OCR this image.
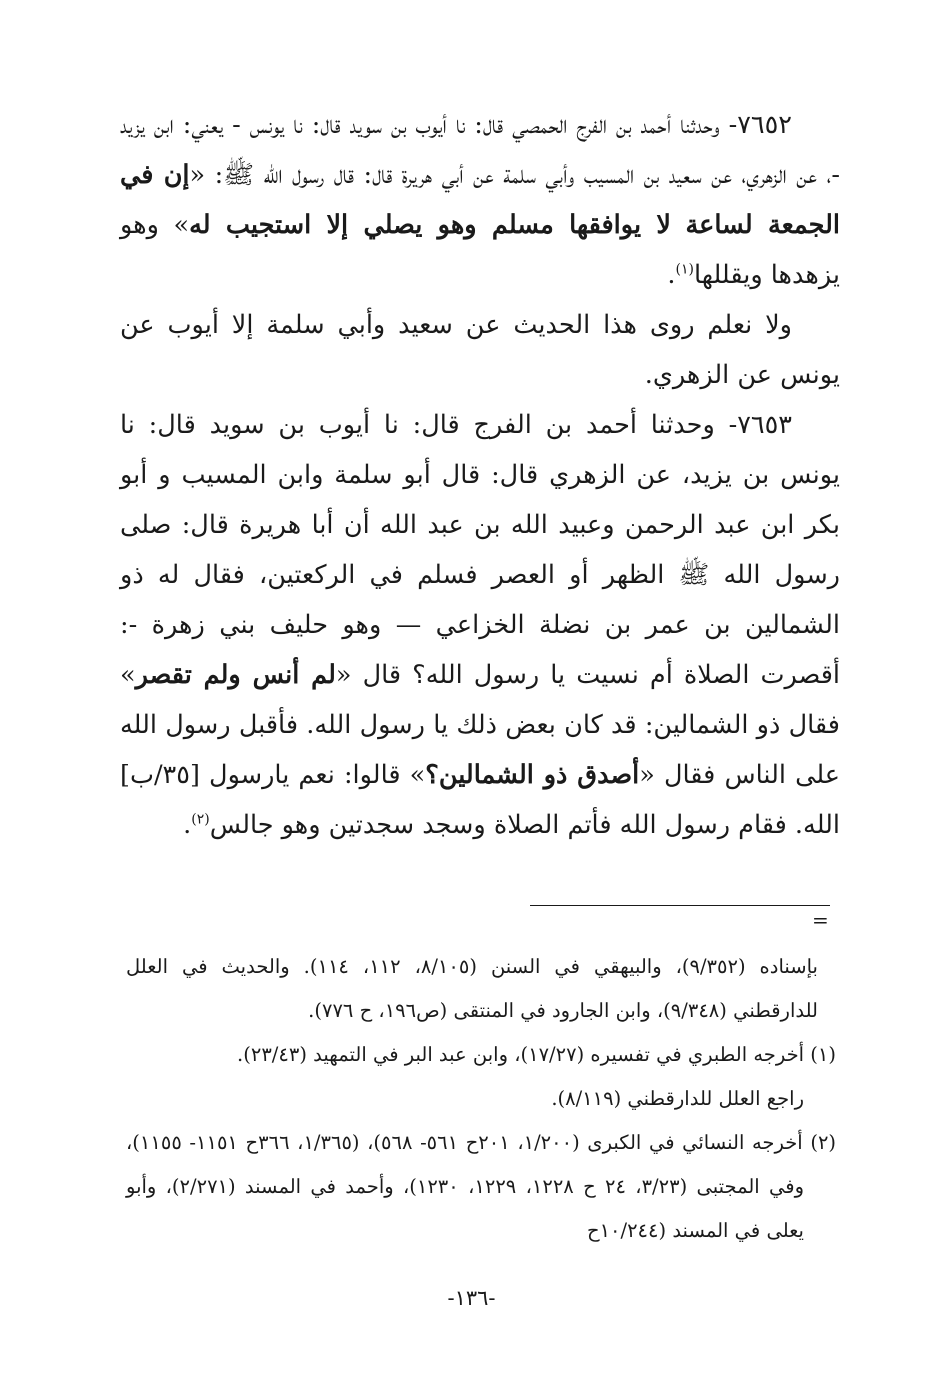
٧٦٥٢- وحدثنا أحمد بن الفرج الحمصي قال: نا أيوب بن سويد قال: نا يونس - يعني: ابن يزيد -، عن الزهري، عن سعيد بن المسيب وأبي سلمة عن أبي هريرة قال: قال رسول الله ﷺ: «إن في الجمعة لساعة لا يوافقها مسلم وهو يصلي إلا استجيب له» وهو يزهدها ويقللها$^{(١)}$.

ولا نعلم روى هذا الحديث عن سعيد وأبي سلمة إلا أيوب عن يونس عن الزهري.

٧٦٥٣- وحدثنا أحمد بن الفرج قال: نا أيوب بن سويد قال: نا يونس بن يزيد، عن الزهري قال: قال أبو سلمة وابن المسيب و أبو بكر ابن عبد الرحمن وعبيد الله بن عبد الله أن أبا هريرة قال: صلى رسول الله ﷺ الظهر أو العصر فسلم في الركعتين، فقال له ذو الشمالين بن عمر بن نضلة الخزاعي — وهو حليف بني زهرة -: أقصرت الصلاة أم نسيت يا رسول الله؟ قال «لم أنس ولم تقصر» فقال ذو الشمالين: قد كان بعض ذلك يا رسول الله. فأقبل رسول الله على الناس فقال «أصدق ذو الشمالين؟» قالوا: نعم يارسول [٣٥/ب] الله. فقام رسول الله فأتم الصلاة وسجد سجدتين وهو جالس$^{(٢)}$.

=

بإسناده (٩/٣٥٢)، والبيهقي في السنن (٨/١٠٥، ١١٢، ١١٤). والحديث في العلل للدارقطني (٩/٣٤٨)، وابن الجارود في المنتقى (ص١٩٦، ح ٧٧٦).

(١) أخرجه الطبري في تفسيره (١٧/٢٧)، وابن عبد البر في التمهيد (٢٣/٤٣).

راجع العلل للدارقطني (٨/١١٩).

(٢) أخرجه النسائي في الكبرى (١/٢٠٠، ٢٠١ح ٥٦١- ٥٦٨)، (١/٣٦٥، ٣٦٦ح ١١٥١- ١١٥٥)، وفي المجتبى (٣/٢٣، ٢٤ ح ١٢٢٨، ١٢٢٩، ١٢٣٠)، وأحمد في المسند (٢/٢٧١)، وأبو يعلى في المسند (١٠/٢٤٤ح

-١٣٦-
